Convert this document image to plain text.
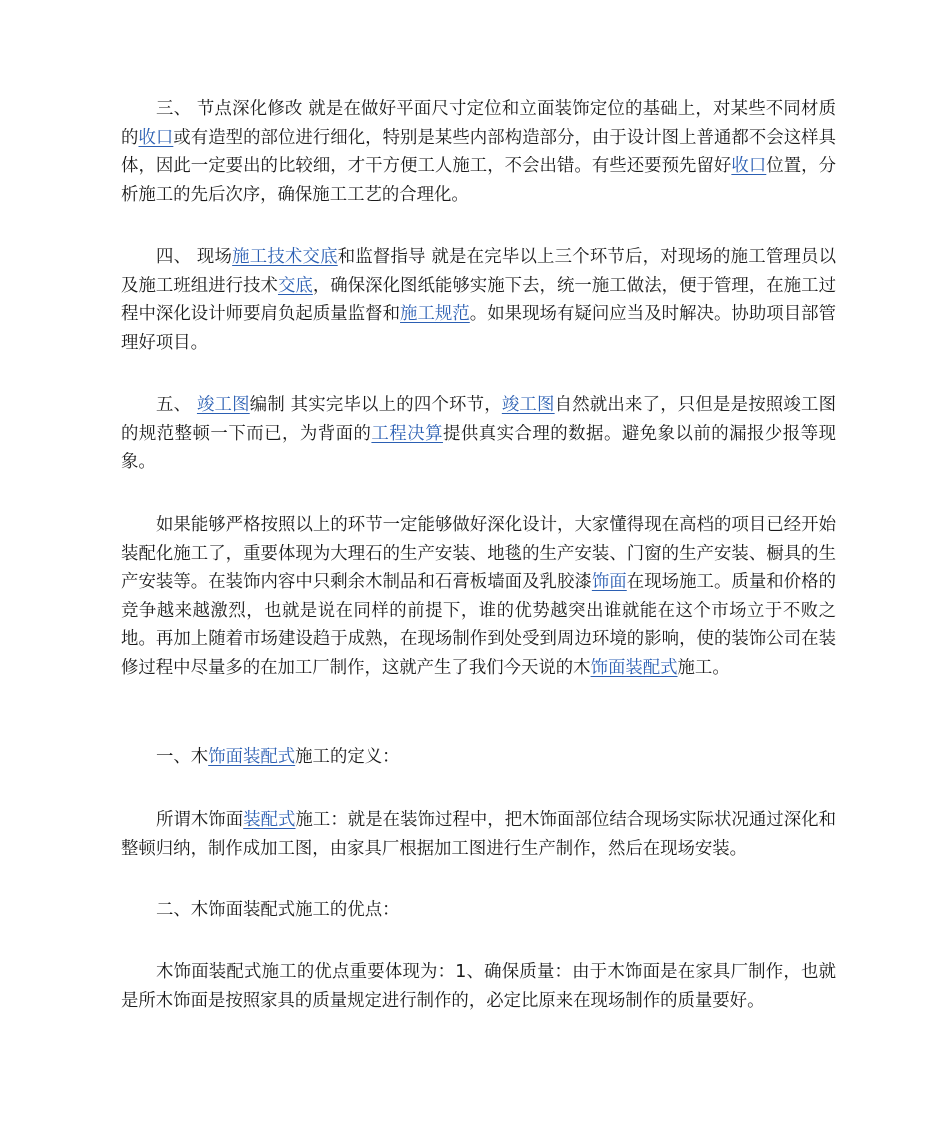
三、 节点深化修改 就是在做好平面尺寸定位和立面装饰定位的基础上，对某些不同材质的收口或有造型的部位进行细化，特别是某些内部构造部分，由于设计图上普通都不会这样具体，因此一定要出的比较细，才干方便工人施工，不会出错。有些还要预先留好收口位置，分析施工的先后次序，确保施工工艺的合理化。

四、 现场施工技术交底和监督指导 就是在完毕以上三个环节后，对现场的施工管理员以及施工班组进行技术交底，确保深化图纸能够实施下去，统一施工做法，便于管理，在施工过程中深化设计师要肩负起质量监督和施工规范。如果现场有疑问应当及时解决。协助项目部管理好项目。

五、 竣工图编制 其实完毕以上的四个环节，竣工图自然就出来了，只但是是按照竣工图的规范整顿一下而已，为背面的工程决算提供真实合理的数据。避免象以前的漏报少报等现象。

如果能够严格按照以上的环节一定能够做好深化设计，大家懂得现在高档的项目已经开始装配化施工了，重要体现为大理石的生产安装、地毯的生产安装、门窗的生产安装、橱具的生产安装等。在装饰内容中只剩余木制品和石膏板墙面及乳胶漆饰面在现场施工。质量和价格的竞争越来越激烈，也就是说在同样的前提下，谁的优势越突出谁就能在这个市场立于不败之地。再加上随着市场建设趋于成熟，在现场制作到处受到周边环境的影响，使的装饰公司在装修过程中尽量多的在加工厂制作，这就产生了我们今天说的木饰面装配式施工。

一、木饰面装配式施工的定义：

所谓木饰面装配式施工：就是在装饰过程中，把木饰面部位结合现场实际状况通过深化和整顿归纳，制作成加工图，由家具厂根据加工图进行生产制作，然后在现场安装。

二、木饰面装配式施工的优点：

木饰面装配式施工的优点重要体现为：1、确保质量：由于木饰面是在家具厂制作，也就是所木饰面是按照家具的质量规定进行制作的，必定比原来在现场制作的质量要好。
